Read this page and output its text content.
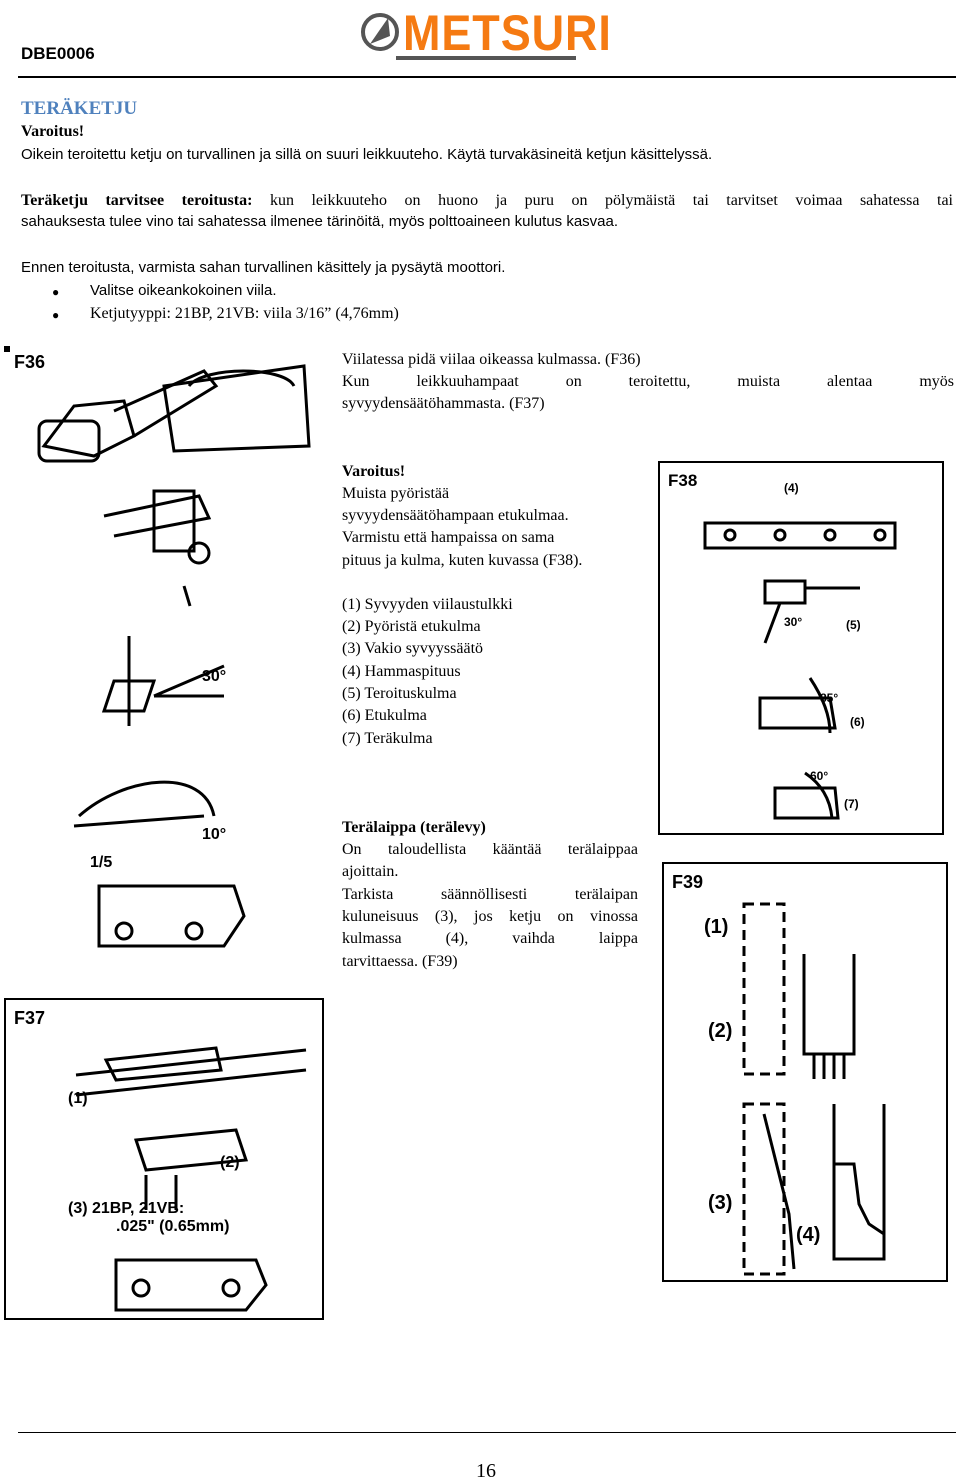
DBE0006	METSURI
TERÄKETJU
Varoitus!
Oikein teroitettu ketju on turvallinen ja sillä on suuri leikkuuteho. Käytä turvakäsineitä ketjun käsittelyssä.
Teräketju tarvitsee teroitusta: kun leikkuuteho on huono ja puru on pölymäistä tai tarvitset voimaa sahatessa tai
sahauksesta tulee vino tai sahatessa ilmenee tärinöitä, myös polttoaineen kulutus kasvaa.
Ennen teroitusta, varmista sahan turvallinen käsittely ja pysäytä moottori.
● Valitse oikeankokoinen viila.
● Ketjutyyppi: 21BP, 21VB: viila 3/16” (4,76mm)
F36
30°
10°
1/5
F37
(1)
(2)
(3) 21BP, 21VB:
.025" (0.65mm)
Viilatessa pidä viilaa oikeassa kulmassa. (F36)
Kun leikkuuhampaat on teroitettu, muista alentaa myös
syvyydensäätöhammasta. (F37)
Varoitus!
Muista pyöristää
syvyydensäätöhampaan etukulmaa.
Varmistu että hampaissa on sama
pituus ja kulma, kuten kuvassa (F38).
(1) Syvyyden viilaustulkki
(2) Pyöristä etukulma
(3) Vakio syvyyssäätö
(4) Hammaspituus
(5) Teroituskulma
(6) Etukulma
(7) Teräkulma
Terälaippa (terälevy)
On taloudellista kääntää terälaippaa
ajoittain.
Tarkista säännöllisesti terälaipan
kuluneisuus (3), jos ketju on vinossa
kulmassa (4), vaihda laippa
tarvittaessa. (F39)
F38	(4)
30°	(5)
85°
(6)
60°
(7)
F39
(1)
(2)
(3)
(4)
16
